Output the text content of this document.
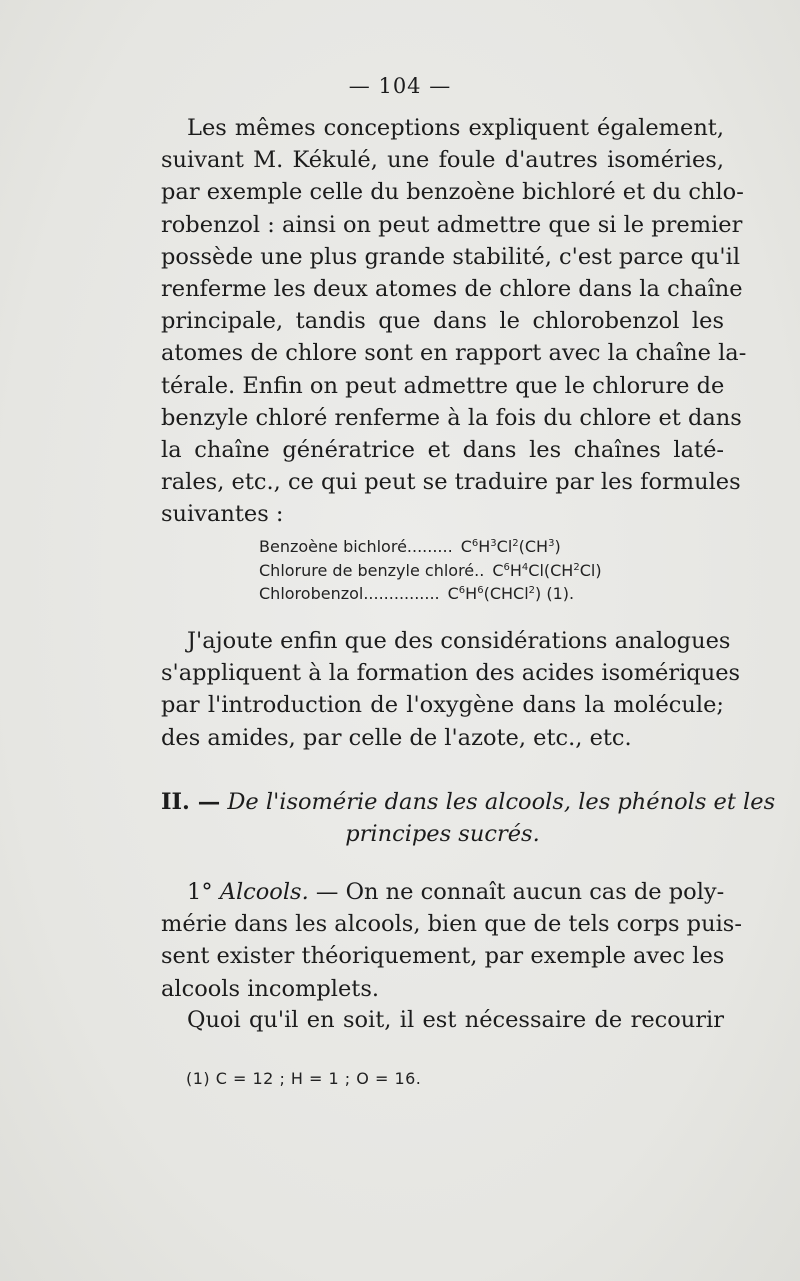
— 104 —
Les mêmes conceptions expliquent également,
suivant M. Kékulé, une foule d'autres isoméries,
par exemple celle du benzoène bichloré et du chlo-
robenzol : ainsi on peut admettre que si le premier
possède une plus grande stabilité, c'est parce qu'il
renferme les deux atomes de chlore dans la chaîne
principale, tandis que dans le chlorobenzol les
atomes de chlore sont en rapport avec la chaîne la-
térale. Enfin on peut admettre que le chlorure de
benzyle chloré renferme à la fois du chlore et dans
la chaîne génératrice et dans les chaînes laté-
rales, etc., ce qui peut se traduire par les formules
suivantes :
Benzoène bichloré......... $C^6H^3Cl^2(CH^3)$
Chlorure de benzyle chloré.. $C^6H^4Cl(CH^2Cl)$
Chlorobenzol............... $C^6H^6(CHCl^2)$ (1).
J'ajoute enfin que des considérations analogues
s'appliquent à la formation des acides isomériques
par l'introduction de l'oxygène dans la molécule;
des amides, par celle de l'azote, etc., etc.
II. — De l'isomérie dans les alcools, les phénols et les
principes sucrés.
1° Alcools. — On ne connaît aucun cas de poly-
mérie dans les alcools, bien que de tels corps puis-
sent exister théoriquement, par exemple avec les
alcools incomplets.
Quoi qu'il en soit, il est nécessaire de recourir
(1) C = 12 ; H = 1 ; O = 16.
